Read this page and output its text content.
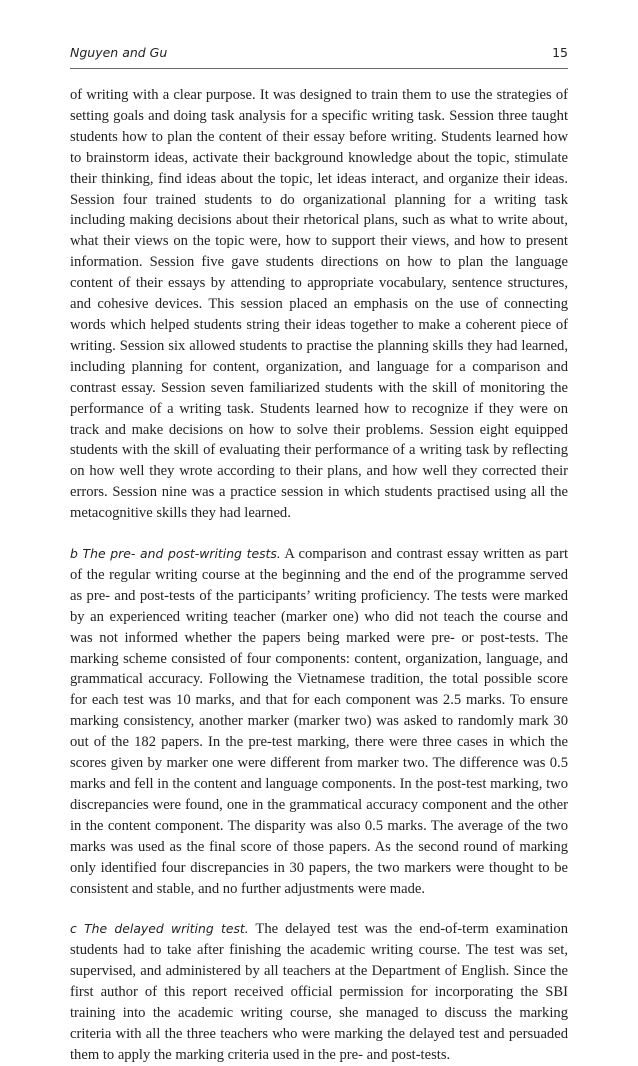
Nguyen and Gu	15

of writing with a clear purpose. It was designed to train them to use the strategies of setting goals and doing task analysis for a specific writing task. Session three taught students how to plan the content of their essay before writing. Students learned how to brainstorm ideas, activate their background knowledge about the topic, stimulate their thinking, find ideas about the topic, let ideas interact, and organize their ideas. Session four trained students to do organizational planning for a writing task including making decisions about their rhetorical plans, such as what to write about, what their views on the topic were, how to support their views, and how to present information. Session five gave students directions on how to plan the language content of their essays by attending to appropriate vocabulary, sentence structures, and cohesive devices. This session placed an emphasis on the use of connecting words which helped students string their ideas together to make a coherent piece of writing. Session six allowed students to practise the planning skills they had learned, including planning for content, organization, and language for a comparison and contrast essay. Session seven familiarized students with the skill of monitoring the performance of a writing task. Students learned how to recognize if they were on track and make decisions on how to solve their problems. Session eight equipped students with the skill of evaluating their performance of a writing task by reflecting on how well they wrote according to their plans, and how well they corrected their errors. Session nine was a practice session in which students practised using all the metacognitive skills they had learned.

b The pre- and post-writing tests. A comparison and contrast essay written as part of the regular writing course at the beginning and the end of the programme served as pre- and post-tests of the participants’ writing proficiency. The tests were marked by an experienced writing teacher (marker one) who did not teach the course and was not informed whether the papers being marked were pre- or post-tests. The marking scheme consisted of four components: content, organization, language, and grammatical accuracy. Following the Vietnamese tradition, the total possible score for each test was 10 marks, and that for each component was 2.5 marks. To ensure marking consistency, another marker (marker two) was asked to randomly mark 30 out of the 182 papers. In the pre-test marking, there were three cases in which the scores given by marker one were different from marker two. The difference was 0.5 marks and fell in the content and language components. In the post-test marking, two discrepancies were found, one in the grammatical accuracy component and the other in the content component. The disparity was also 0.5 marks. The average of the two marks was used as the final score of those papers. As the second round of marking only identified four discrepancies in 30 papers, the two markers were thought to be consistent and stable, and no further adjustments were made.

c The delayed writing test. The delayed test was the end-of-term examination students had to take after finishing the academic writing course. The test was set, supervised, and administered by all teachers at the Department of English. Since the first author of this report received official permission for incorporating the SBI training into the academic writing course, she managed to discuss the marking criteria with all the three teachers who were marking the delayed test and persuaded them to apply the marking criteria used in the pre- and post-tests.
